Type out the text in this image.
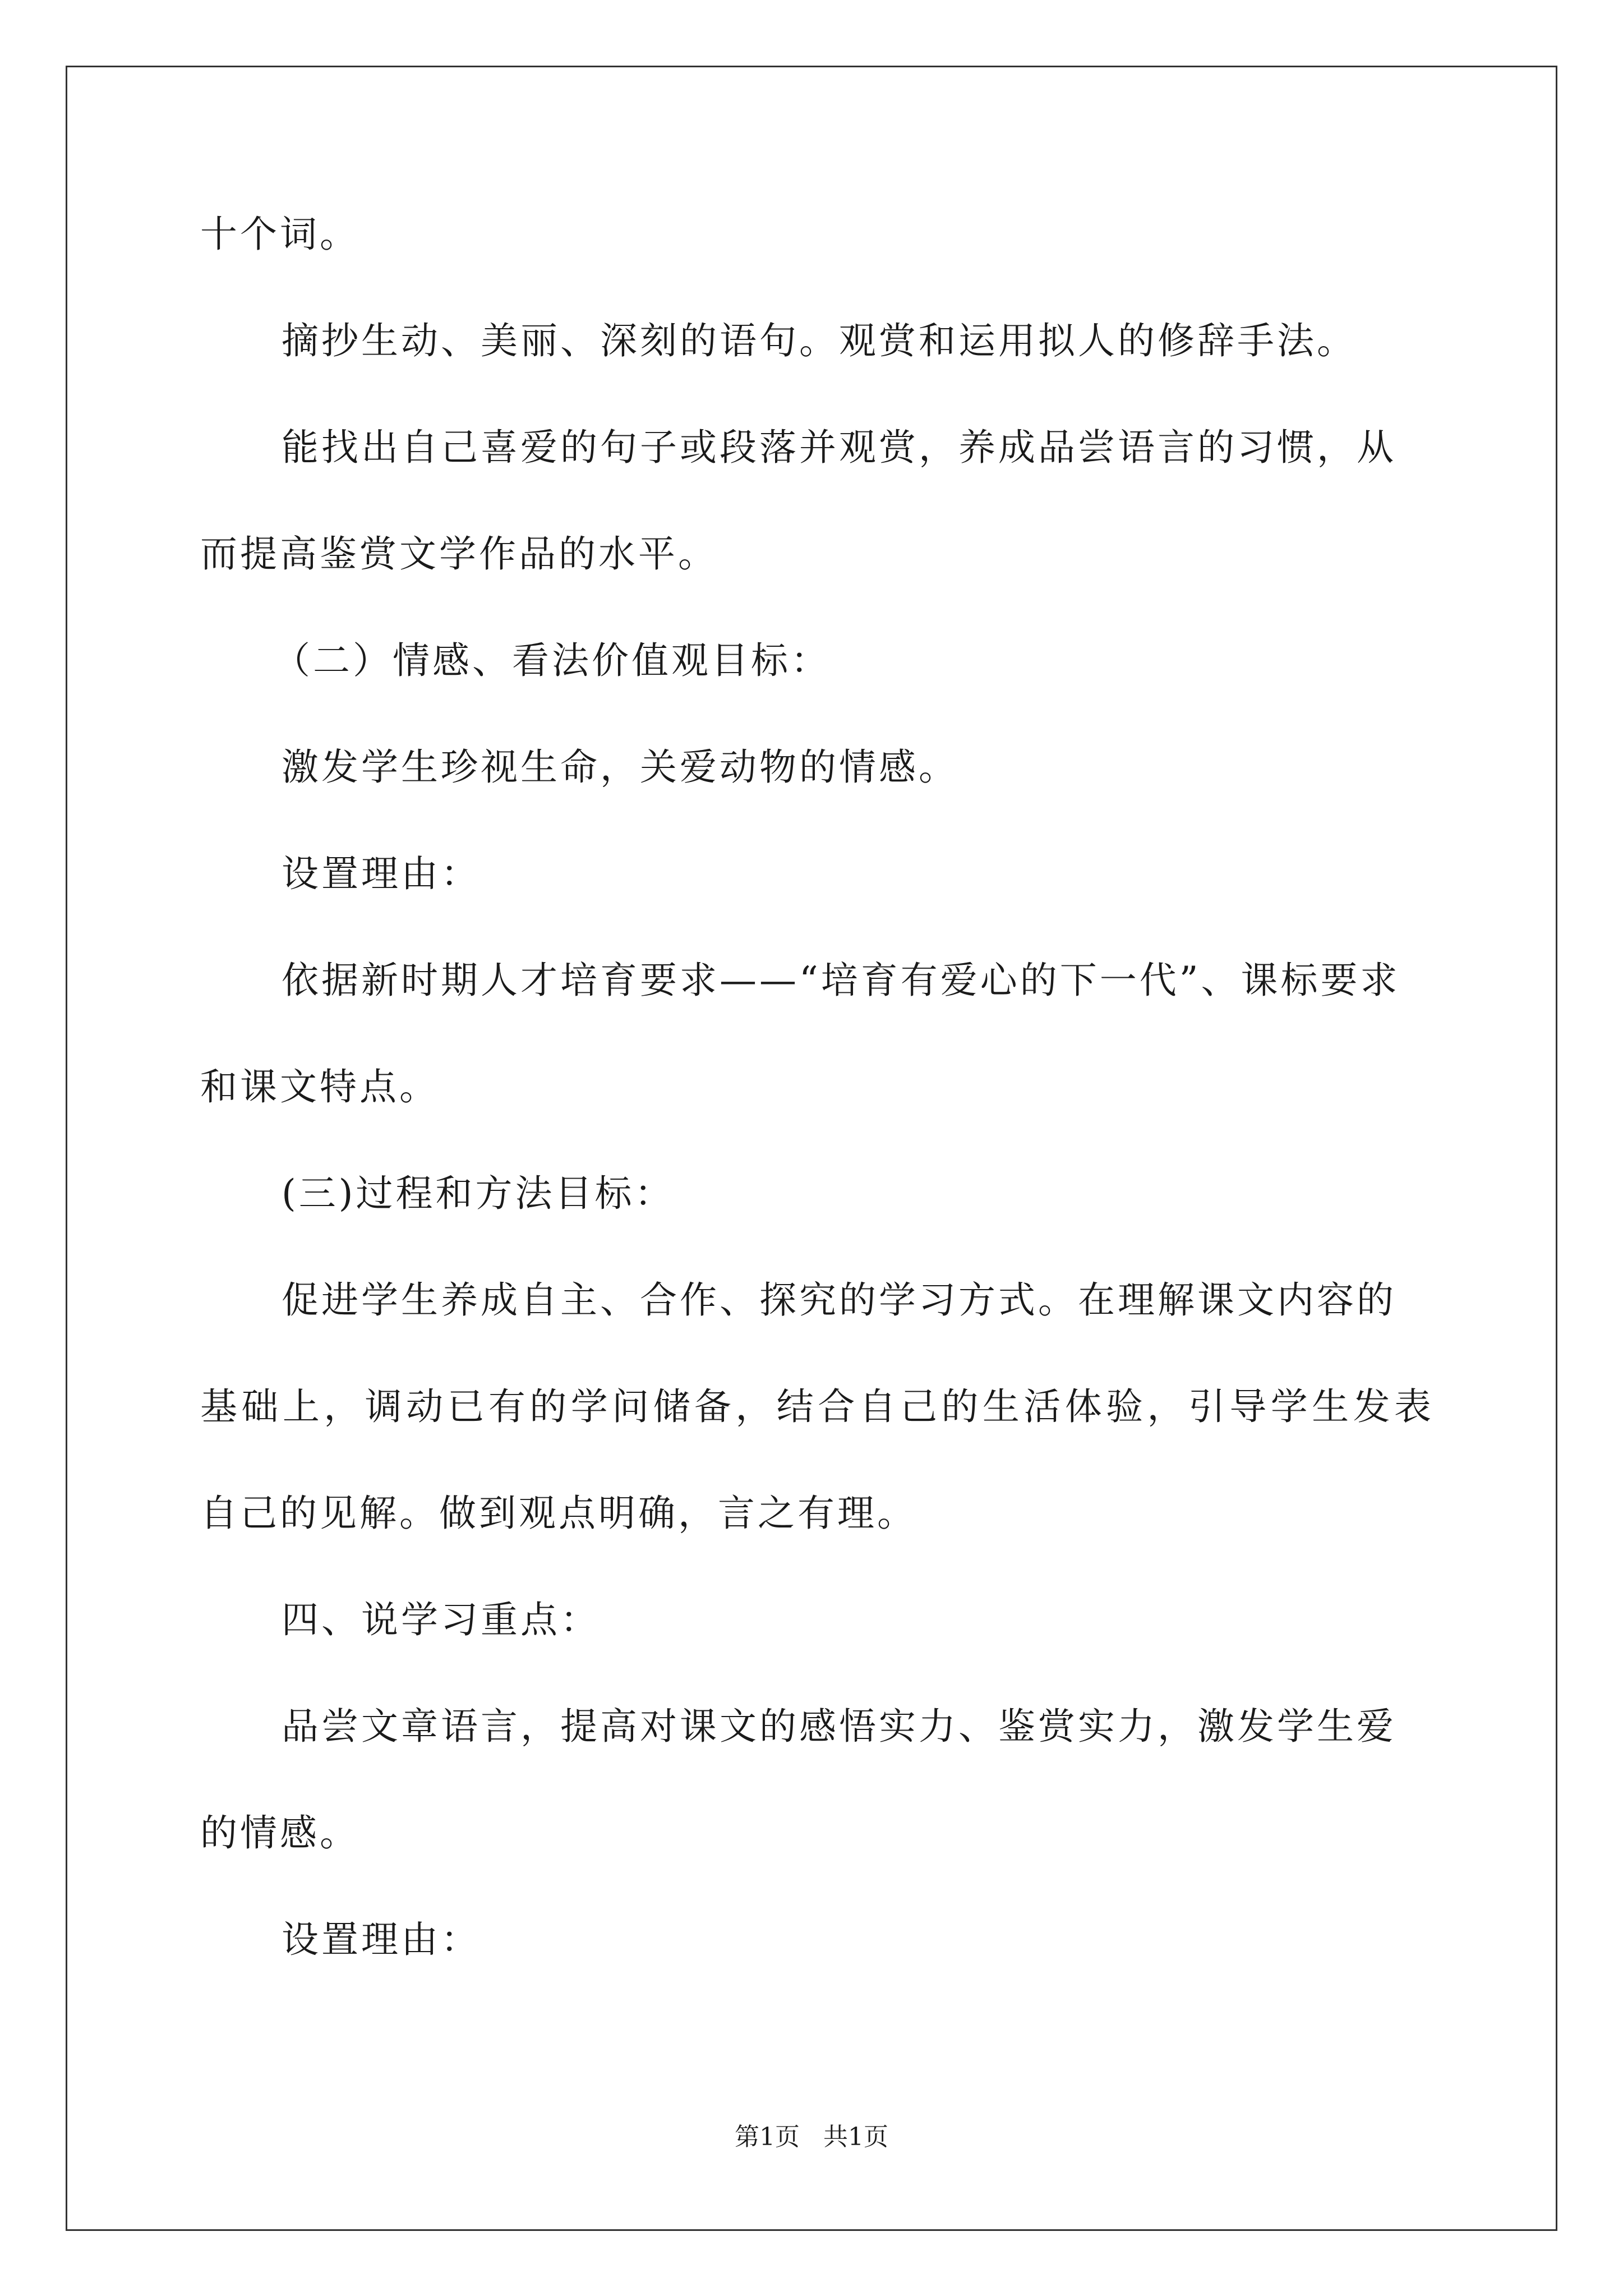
十个词。
摘抄生动、美丽、深刻的语句。观赏和运用拟人的修辞手法。
能找出自己喜爱的句子或段落并观赏，养成品尝语言的习惯，从
而提高鉴赏文学作品的水平。
（二）情感、看法价值观目标：
激发学生珍视生命，关爱动物的情感。
设置理由：
依据新时期人才培育要求——“培育有爱心的下一代”、课标要求
和课文特点。
(三)过程和方法目标：
促进学生养成自主、合作、探究的学习方式。在理解课文内容的
基础上，调动已有的学问储备，结合自己的生活体验，引导学生发表
自己的见解。做到观点明确，言之有理。
四、说学习重点：
品尝文章语言，提高对课文的感悟实力、鉴赏实力，激发学生爱
的情感。
设置理由：
第1页 共1页
